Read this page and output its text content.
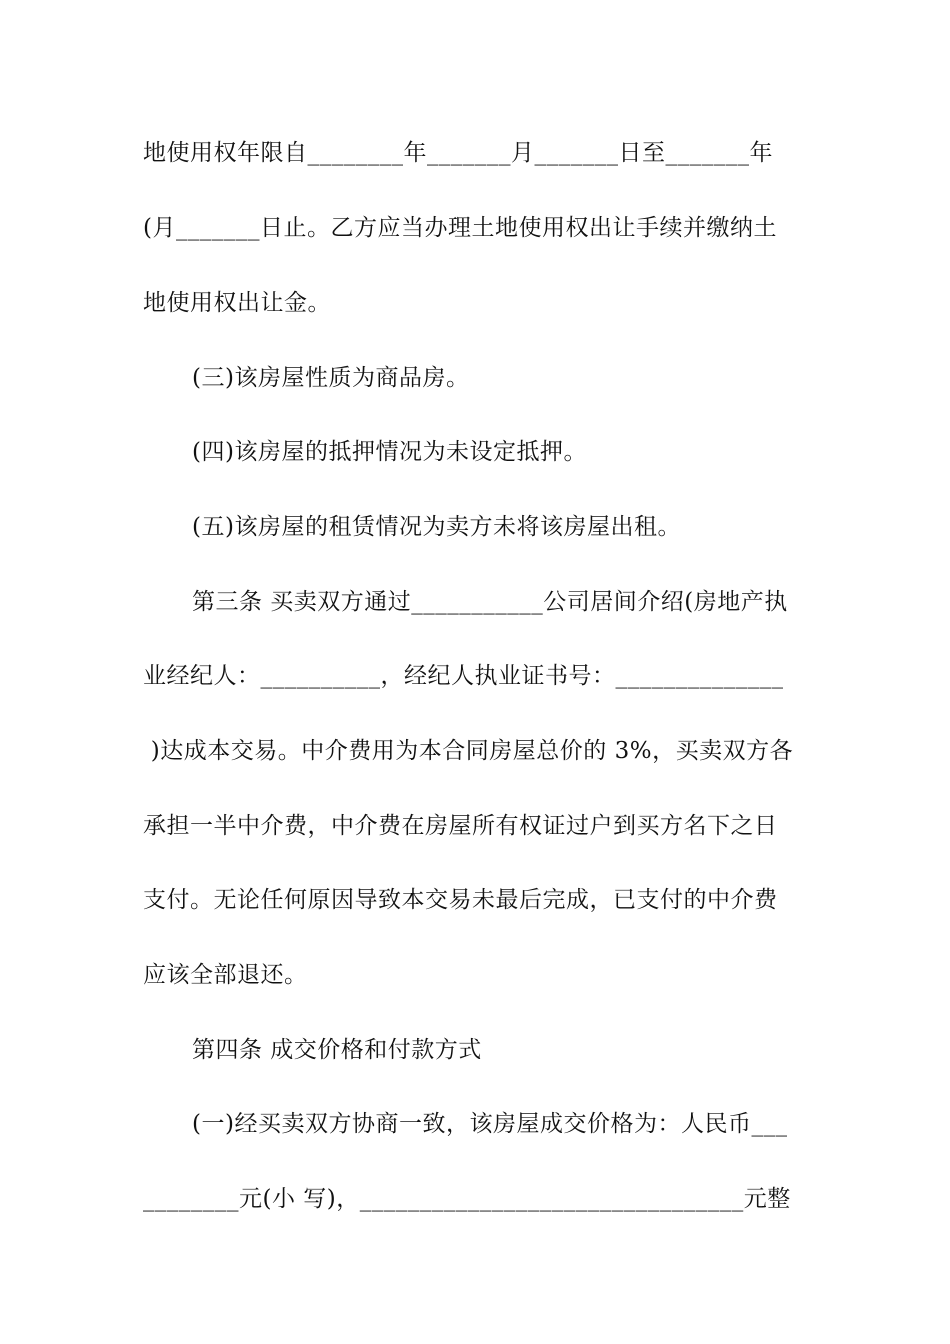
地使用权年限自________年_______月_______日至_______年
(月_______日止。乙方应当办理土地使用权出让手续并缴纳土
地使用权出让金。
(三)该房屋性质为商品房。
(四)该房屋的抵押情况为未设定抵押。
(五)该房屋的租赁情况为卖方未将该房屋出租。
第三条 买卖双方通过___________公司居间介绍(房地产执
业经纪人：__________，经纪人执业证书号：______________
)达成本交易。中介费用为本合同房屋总价的 3%，买卖双方各
承担一半中介费，中介费在房屋所有权证过户到买方名下之日
支付。无论任何原因导致本交易未最后完成，已支付的中介费
应该全部退还。
第四条 成交价格和付款方式
(一)经买卖双方协商一致，该房屋成交价格为：人民币___
________元(小 写)，________________________________元整
